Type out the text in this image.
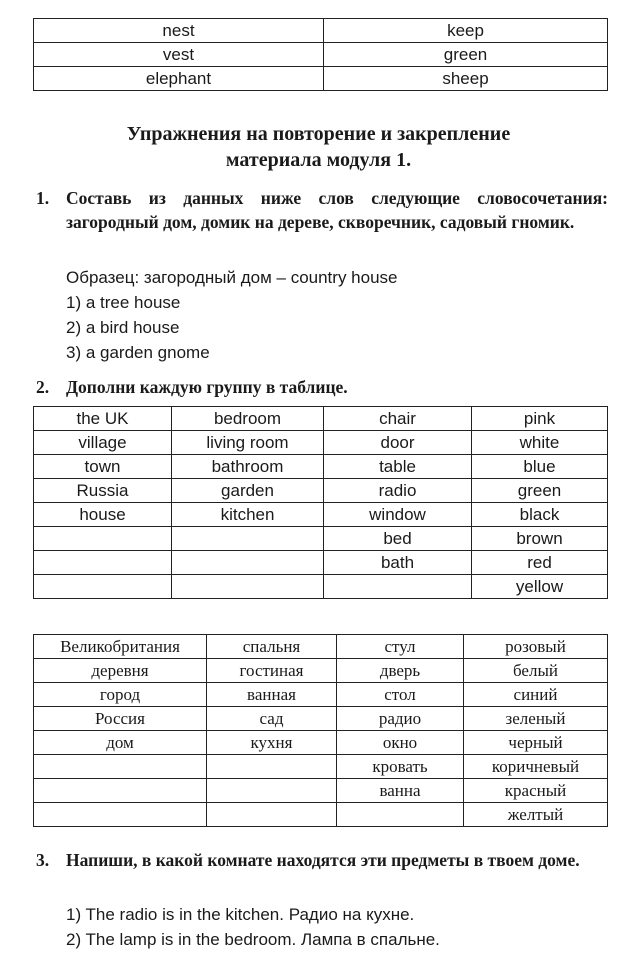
nest	keep
vest	green
elephant	sheep
Упражнения на повторение и закрепление
материала модуля 1.
1. Составь из данных ниже слов следующие словосочетания: загородный дом, домик на дереве, скворечник, садовый гномик.
Образец: загородный дом – country house
1) a tree house
2) a bird house
3) a garden gnome
2. Дополни каждую группу в таблице.
the UK	bedroom	chair	pink
village	living room	door	white
town	bathroom	table	blue
Russia	garden	radio	green
house	kitchen	window	black
		bed	brown
		bath	red
			yellow
Великобритания	спальня	стул	розовый
деревня	гостиная	дверь	белый
город	ванная	стол	синий
Россия	сад	радио	зеленый
дом	кухня	окно	черный
		кровать	коричневый
		ванна	красный
			желтый
3. Напиши, в какой комнате находятся эти предметы в твоем доме.
1) The radio is in the kitchen. Радио на кухне.
2) The lamp is in the bedroom. Лампа в спальне.
